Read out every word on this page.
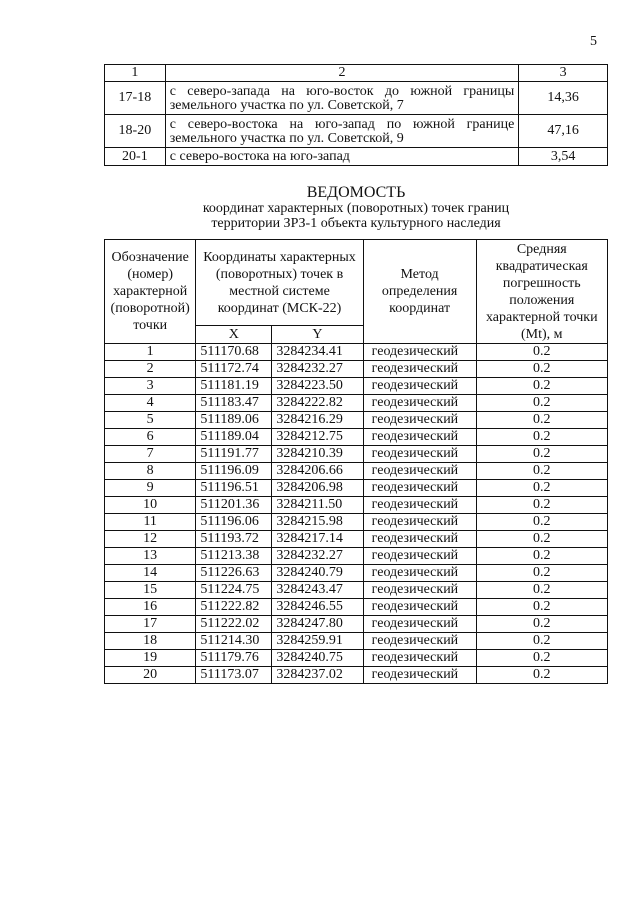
5
1	2	3
17-18	с северо-запада на юго-восток до южной границы земельного участка по ул. Советской, 7	14,36
18-20	с северо-востока на юго-запад по южной границе земельного участка по ул. Советской, 9	47,16
20-1	с северо-востока на юго-запад	3,54
ВЕДОМОСТЬ
координат характерных (поворотных) точек границ
территории ЗРЗ-1 объекта культурного наследия
Обозначение (номер) характерной (поворотной) точки	Координаты характерных (поворотных) точек в местной системе координат (МСК-22)		Метод определения координат	Средняя квадратическая погрешность положения характерной точки (Mt), м
	X	Y		
1	511170.68	3284234.41	геодезический	0.2
2	511172.74	3284232.27	геодезический	0.2
3	511181.19	3284223.50	геодезический	0.2
4	511183.47	3284222.82	геодезический	0.2
5	511189.06	3284216.29	геодезический	0.2
6	511189.04	3284212.75	геодезический	0.2
7	511191.77	3284210.39	геодезический	0.2
8	511196.09	3284206.66	геодезический	0.2
9	511196.51	3284206.98	геодезический	0.2
10	511201.36	3284211.50	геодезический	0.2
11	511196.06	3284215.98	геодезический	0.2
12	511193.72	3284217.14	геодезический	0.2
13	511213.38	3284232.27	геодезический	0.2
14	511226.63	3284240.79	геодезический	0.2
15	511224.75	3284243.47	геодезический	0.2
16	511222.82	3284246.55	геодезический	0.2
17	511222.02	3284247.80	геодезический	0.2
18	511214.30	3284259.91	геодезический	0.2
19	511179.76	3284240.75	геодезический	0.2
20	511173.07	3284237.02	геодезический	0.2
